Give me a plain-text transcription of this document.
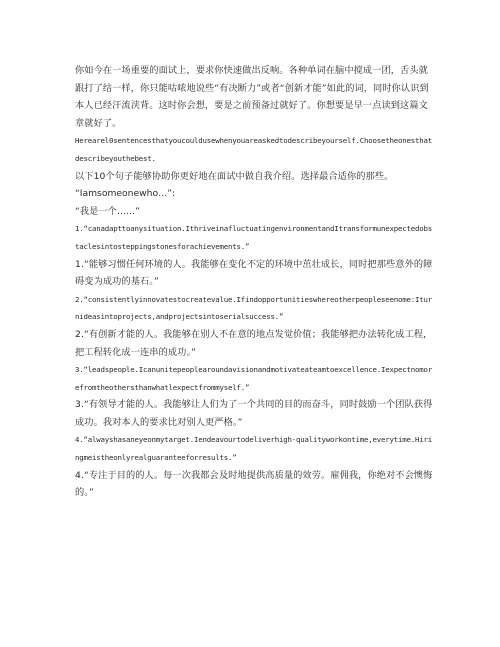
你如今在一场重要的面试上，要求你快速做出反响。各种单词在脑中搅成一团，舌头就跟打了结一样，你只能咕哝地说些“有决断力”或者“创新才能”如此的词，同时你认识到本人已经汗流浃背。这时你会想，要是之前预备过就好了。你想要是早一点读到这篇文章就好了。

Herearel0sentencesthatyoucouldusewhenyouareaskedtodescribeyourself.Choosetheonesthatdescribeyouthebest.

以下10个句子能够协助你更好地在面试中做自我介绍。选择最合适你的那些。

“Iamsomeonewho…”:

“我是一个......”

1.“canadapttoanysituation.IthriveinafluctuatingenvironmentandItransformunexpectedobstaclesintosteppingstonesforachievements.”

1.“能够习惯任何环境的人。我能够在变化不定的环境中茁壮成长，同时把那些意外的障碍变为成功的基石。”

2.“consistentlyinnovatestocreatevalue.IfindopportunitieswhereotherpeopleseenomeːIturnideasintoprojects,andprojectsintoserialsuccess.”

2.“有创新才能的人。我能够在别人不在意的地点发觉价值；我能够把办法转化成工程，把工程转化成一连串的成功。”

3.“leadspeople.Icanunitepeoplearoundavisionandmotivateateamtoexcellence.Iexpectnomorefromtheothersthanwhatlexpectfrommyself.”

3.“有领导才能的人。我能够让人们为了一个共同的目的而奋斗，同时鼓励一个团队获得成功。我对本人的要求比对别人更严格。”

4.“alwayshasaneyeonmytarget.Iendeavourtodeliverhigh-qualityworkontime,everytime.Hiringmeistheonlyrealguaranteeforresults.”

4.“专注于目的的人。每一次我都会及时地提供高质量的效劳。雇佣我，你绝对不会懊悔的。”
